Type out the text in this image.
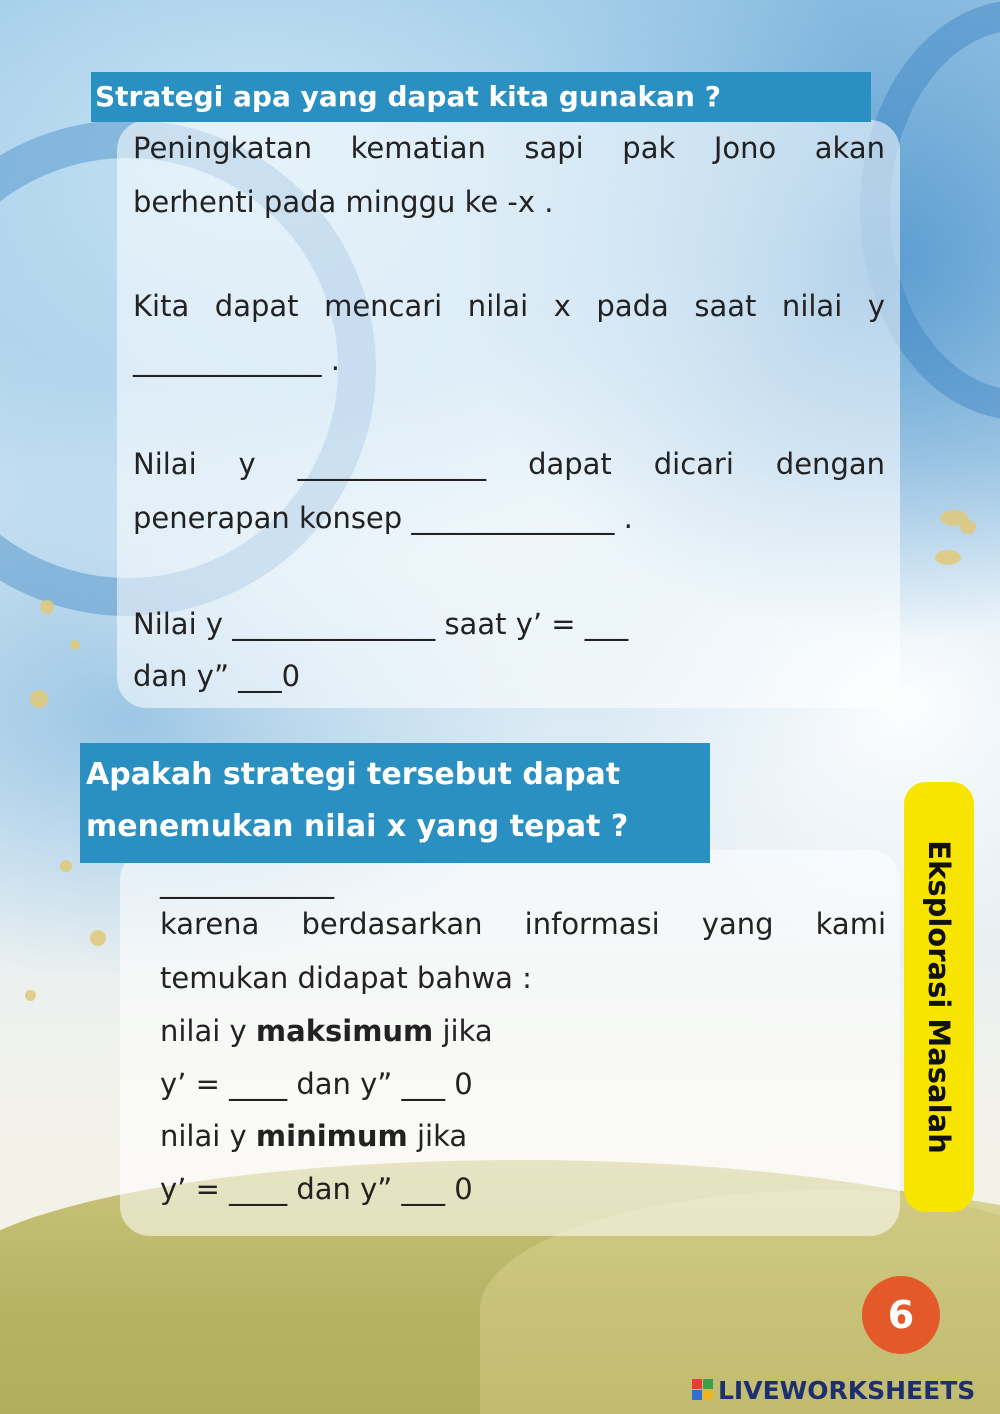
Strategi apa yang dapat kita gunakan ?
Peningkatan kematian sapi pak Jono akan
berhenti pada minggu ke -x .
Kita dapat mencari nilai x pada saat nilai y
_____________ .
Nilai y _____________ dapat dicari dengan
penerapan konsep ______________ .
Nilai y ______________ saat y’ = ___
dan y” ___0
Apakah strategi tersebut dapat
menemukan nilai x yang tepat ?
____________
karena berdasarkan informasi yang kami
temukan didapat bahwa :
nilai y maksimum jika
y’ = ____ dan y” ___ 0
nilai y minimum jika
y’ = ____ dan y” ___ 0
Eksplorasi Masalah
6
LIVEWORKSHEETS
